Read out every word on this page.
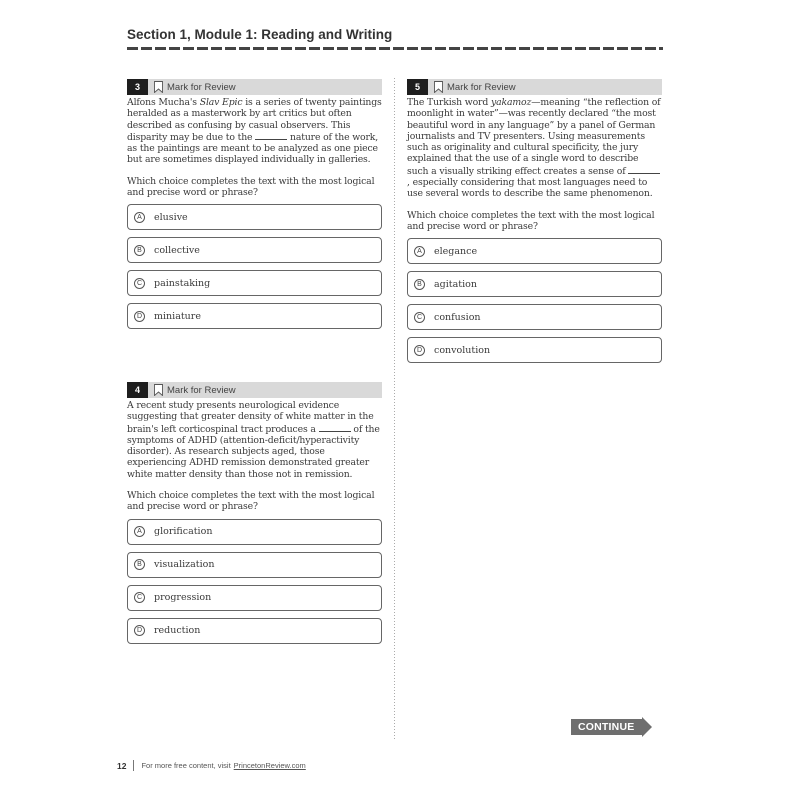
Section 1, Module 1: Reading and Writing
3	Mark for Review
Alfons Mucha's Slav Epic is a series of twenty paintings heralded as a masterwork by art critics but often described as confusing by casual observers. This disparity may be due to the	nature of the work, as the paintings are meant to be analyzed as one piece but are sometimes displayed individually in galleries.
Which choice completes the text with the most logical and precise word or phrase?
A	elusive
B	collective
C	painstaking
D	miniature
4	Mark for Review
A recent study presents neurological evidence suggesting that greater density of white matter in the brain's left corticospinal tract produces a	of the symptoms of ADHD (attention-deficit/hyperactivity disorder). As research subjects aged, those experiencing ADHD remission demonstrated greater white matter density than those not in remission.
Which choice completes the text with the most logical and precise word or phrase?
A	glorification
B	visualization
C	progression
D	reduction
5	Mark for Review
The Turkish word yakamoz—meaning “the reflection of moonlight in water”—was recently declared “the most beautiful word in any language” by a panel of German journalists and TV presenters. Using measurements such as originality and cultural specificity, the jury explained that the use of a single word to describe such a visually striking effect creates a sense of , especially considering that most languages need to use several words to describe the same phenomenon.
Which choice completes the text with the most logical and precise word or phrase?
A	elegance
B	agitation
C	confusion
D	convolution
CONTINUE
12 For more free content, visit PrincetonReview.com
